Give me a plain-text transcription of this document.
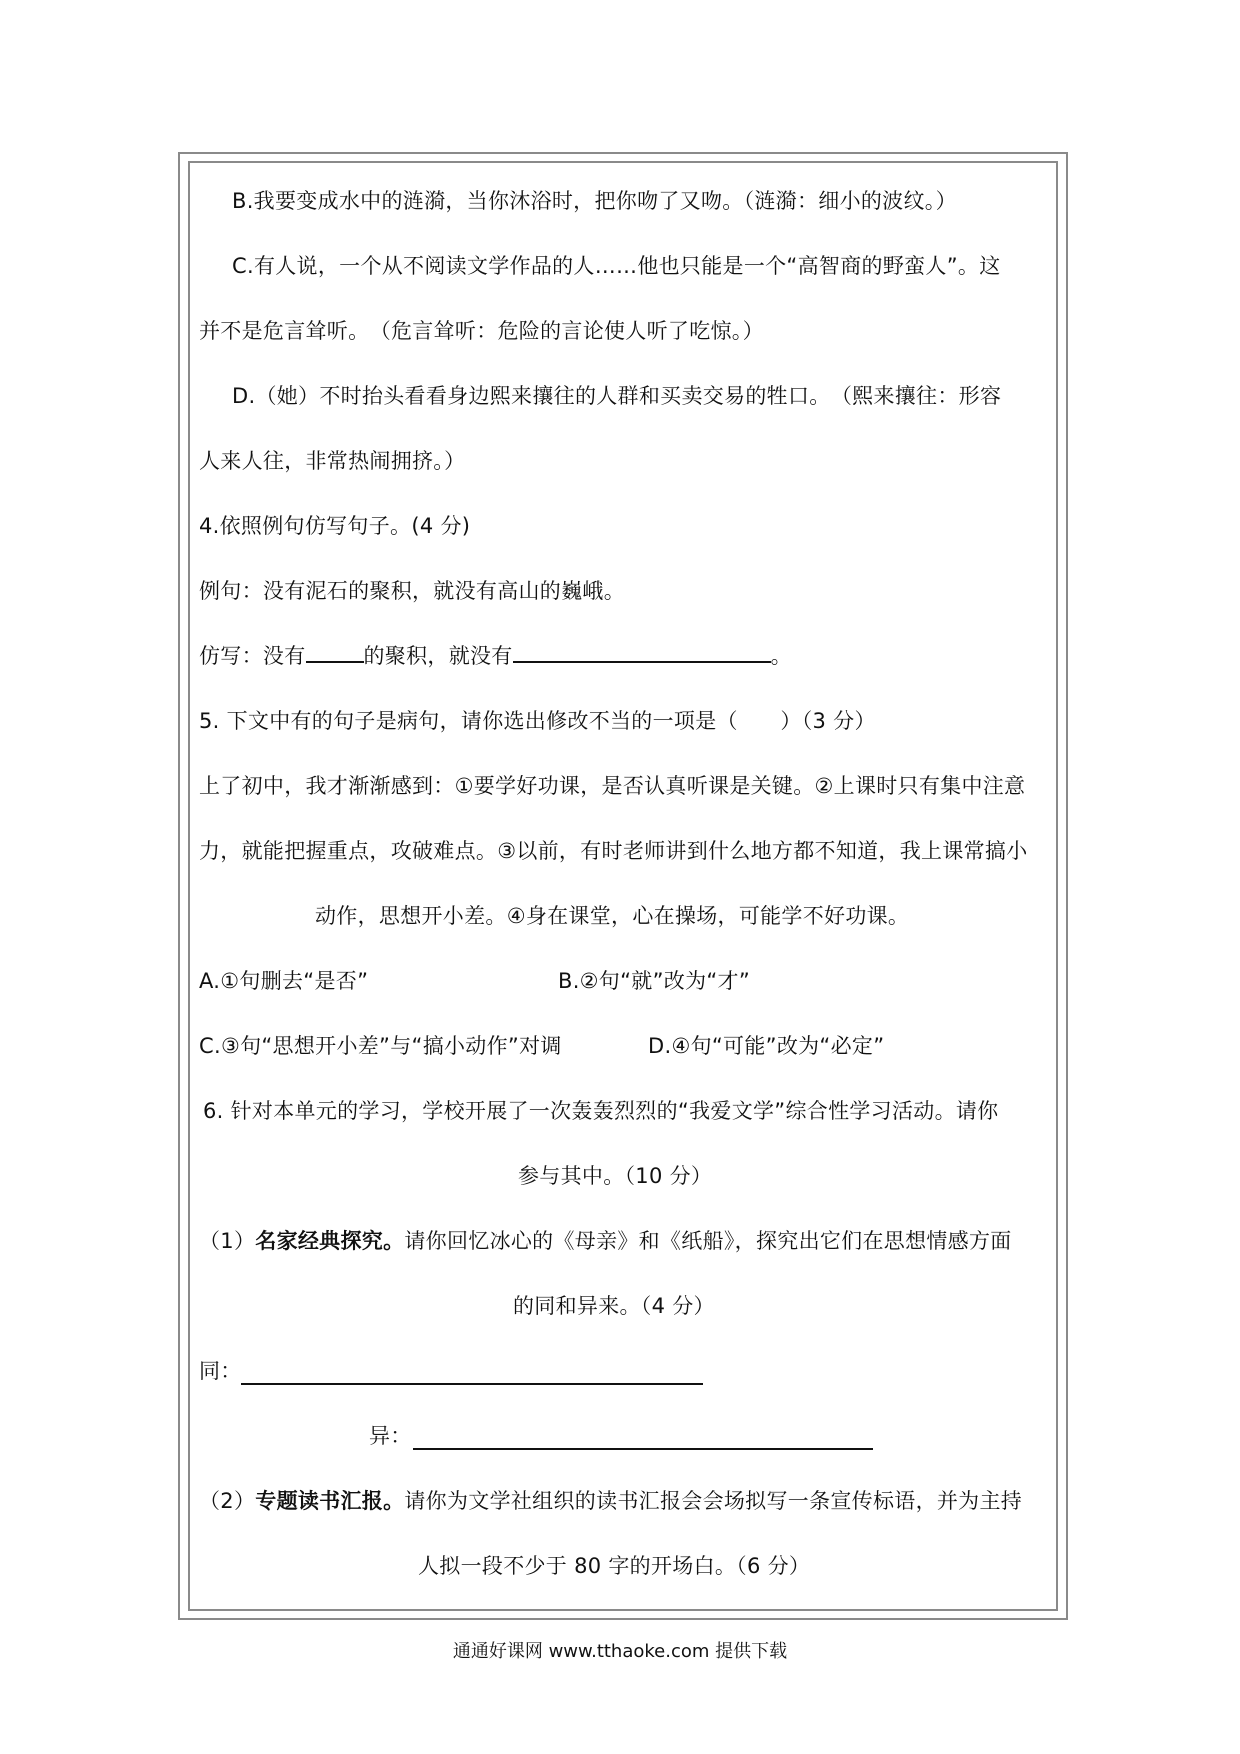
B.我要变成水中的涟漪，当你沐浴时，把你吻了又吻。（涟漪：细小的波纹。）
C.有人说，一个从不阅读文学作品的人……他也只能是一个“高智商的野蛮人”。这
并不是危言耸听。　（危言耸听：危险的言论使人听了吃惊。）
D.（她）不时抬头看看身边熙来攘往的人群和买卖交易的牲口。　（熙来攘往：形容
人来人往，非常热闹拥挤。）
4.依照例句仿写句子。(4 分)
例句：没有泥石的聚积，就没有高山的巍峨。
仿写：没有	的聚积，就没有	。
5. 下文中有的句子是病句，请你选出修改不当的一项是（　　）（3 分）
上了初中，我才渐渐感到：①要学好功课，是否认真听课是关键。②上课时只有集中注意
力，就能把握重点，攻破难点。③以前，有时老师讲到什么地方都不知道，我上课常搞小
动作，思想开小差。④身在课堂，心在操场，可能学不好功课。
A.①句删去“是否”	B.②句“就”改为“才”
C.③句“思想开小差”与“搞小动作”对调	D.④句“可能”改为“必定”
6. 针对本单元的学习，学校开展了一次轰轰烈烈的“我爱文学”综合性学习活动。请你
参与其中。（10 分）
（1）名家经典探究。请你回忆冰心的《母亲》和《纸船》，探究出它们在思想情感方面
的同和异来。（4 分）
同：
异：
（2）专题读书汇报。请你为文学社组织的读书汇报会会场拟写一条宣传标语，并为主持
人拟一段不少于 80 字的开场白。（6 分）
通通好课网 www.tthaoke.com 提供下载
